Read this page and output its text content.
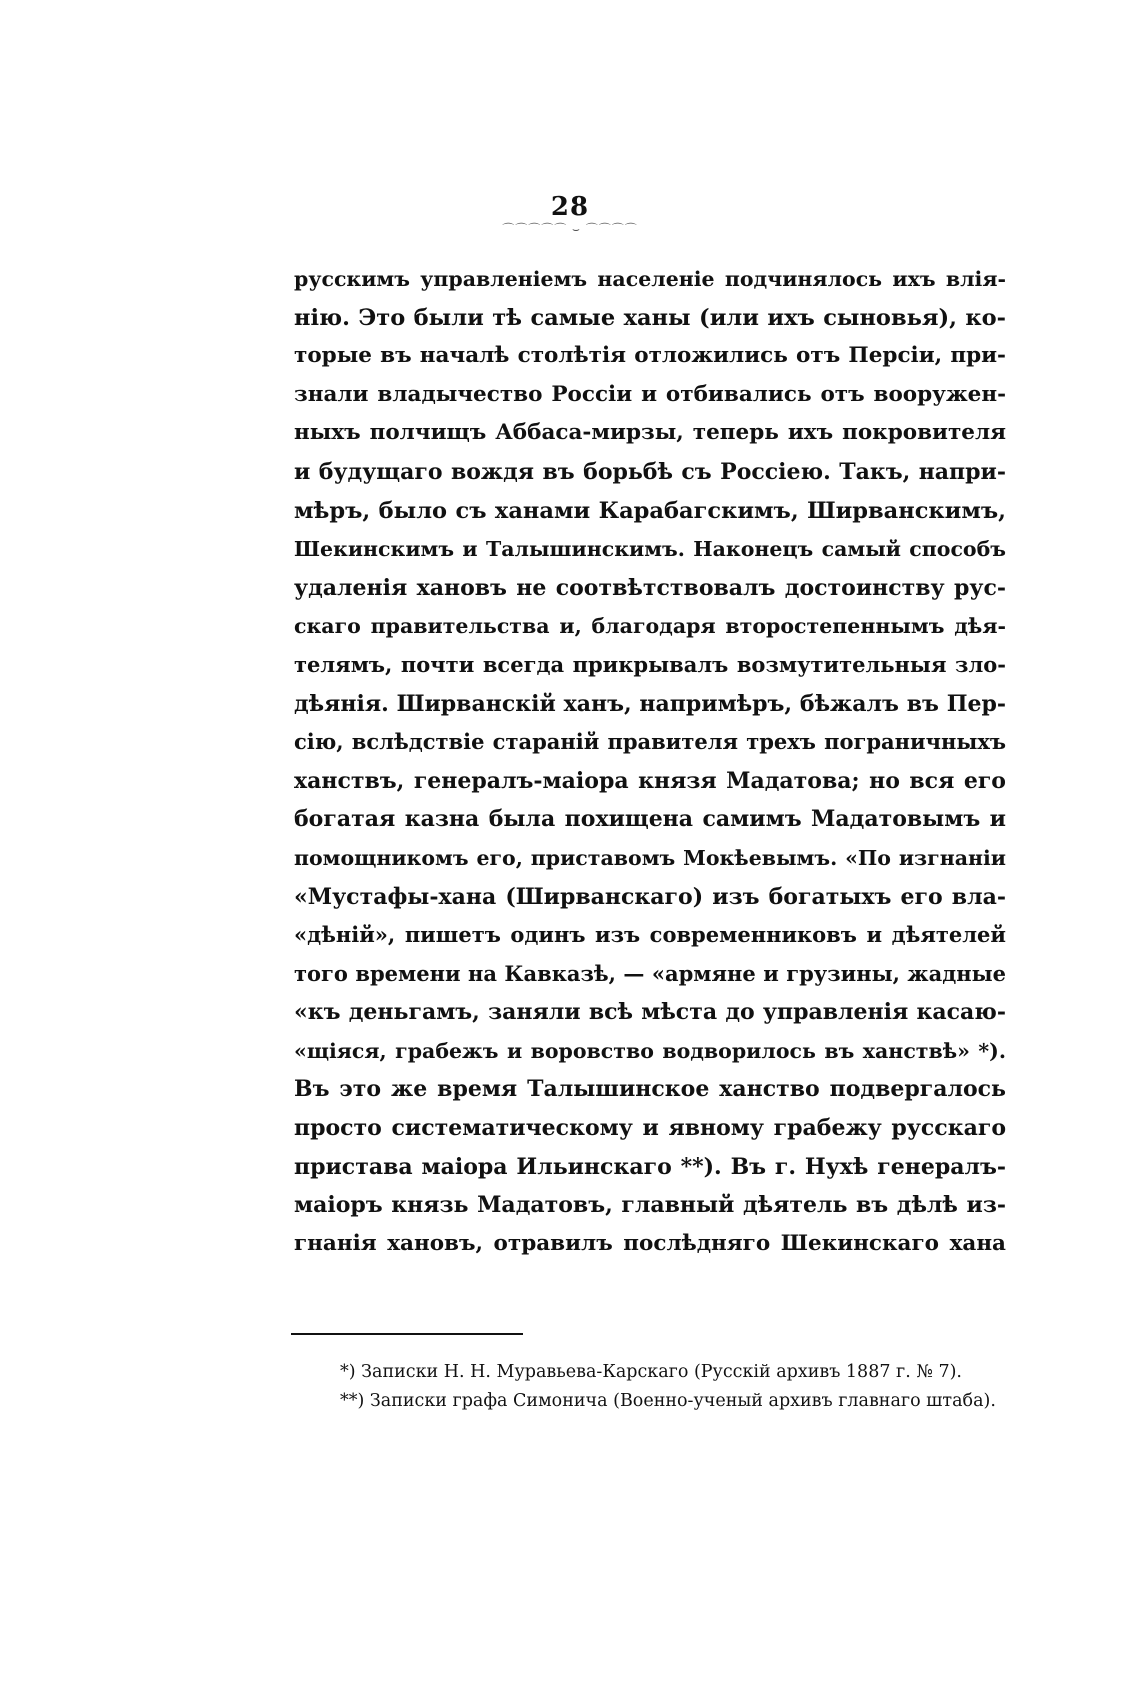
28
⌒⌒⌒⌒⌒ ⌣ ⌒⌒⌒⌒
русскимъ управленіемъ населеніе подчинялось ихъ влія-
нію. Это были тѣ самые ханы (или ихъ сыновья), ко-
торые въ началѣ столѣтія отложились отъ Персіи, при-
знали владычество Россіи и отбивались отъ вооружен-
ныхъ полчищъ Аббаса-мирзы, теперь ихъ покровителя
и будущаго вождя въ борьбѣ съ Россіею. Такъ, напри-
мѣръ, было съ ханами Карабагскимъ, Ширванскимъ,
Шекинскимъ и Талышинскимъ. Наконецъ самый способъ
удаленія хановъ не соотвѣтствовалъ достоинству рус-
скаго правительства и, благодаря второстепеннымъ дѣя-
телямъ, почти всегда прикрывалъ возмутительныя зло-
дѣянія. Ширванскій ханъ, напримѣръ, бѣжалъ въ Пер-
сію, вслѣдствіе стараній правителя трехъ пограничныхъ
ханствъ, генералъ-маіора князя Мадатова; но вся его
богатая казна была похищена самимъ Мадатовымъ и
помощникомъ его, приставомъ Мокѣевымъ. «По изгнаніи
«Мустафы-хана (Ширванскаго) изъ богатыхъ его вла-
«дѣній», пишетъ одинъ изъ современниковъ и дѣятелей
того времени на Кавказѣ, — «армяне и грузины, жадные
«къ деньгамъ, заняли всѣ мѣста до управленія касаю-
«щіяся, грабежъ и воровство водворилось въ ханствѣ» *).
Въ это же время Талышинское ханство подвергалось
просто систематическому и явному грабежу русскаго
пристава маіора Ильинскаго **). Въ г. Нухѣ генералъ-
маіоръ князь Мадатовъ, главный дѣятель въ дѣлѣ из-
гнанія хановъ, отравилъ послѣдняго Шекинскаго хана
*) Записки Н. Н. Муравьева-Карскаго (Русскій архивъ 1887 г. № 7).
**) Записки графа Симонича (Военно-ученый архивъ главнаго штаба).
